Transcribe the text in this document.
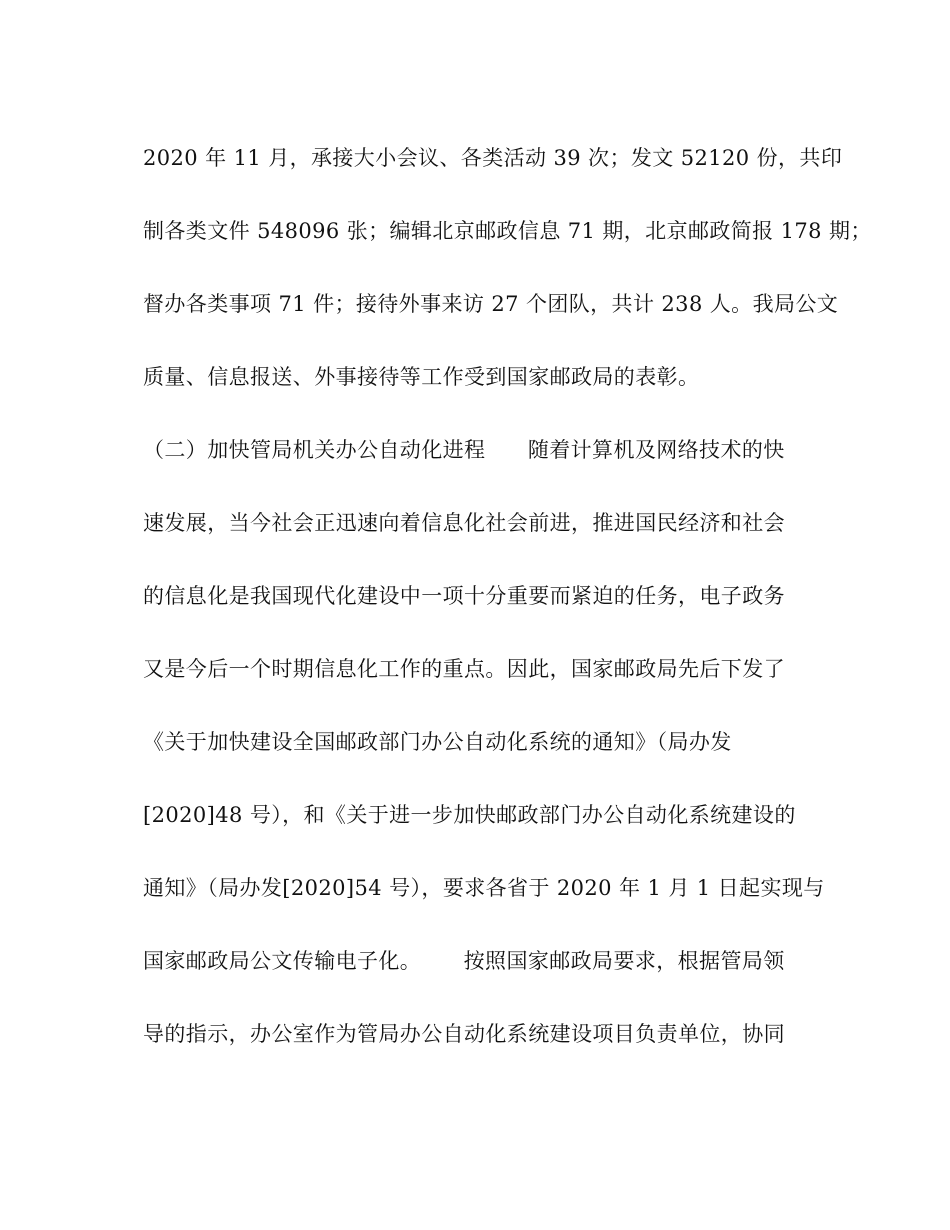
2020 年 11 月，承接大小会议、各类活动 39 次；发文 52120 份，共印
制各类文件 548096 张；编辑北京邮政信息 71 期，北京邮政简报 178 期；
督办各类事项 71 件；接待外事来访 27 个团队，共计 238 人。我局公文
质量、信息报送、外事接待等工作受到国家邮政局的表彰。
（二）加快管局机关办公自动化进程      随着计算机及网络技术的快
速发展，当今社会正迅速向着信息化社会前进，推进国民经济和社会
的信息化是我国现代化建设中一项十分重要而紧迫的任务，电子政务
又是今后一个时期信息化工作的重点。因此，国家邮政局先后下发了
《关于加快建设全国邮政部门办公自动化系统的通知》（局办发
[2020]48 号），和《关于进一步加快邮政部门办公自动化系统建设的
通知》（局办发[2020]54 号），要求各省于 2020 年 1 月 1 日起实现与
国家邮政局公文传输电子化。      按照国家邮政局要求，根据管局领
导的指示，办公室作为管局办公自动化系统建设项目负责单位，协同
